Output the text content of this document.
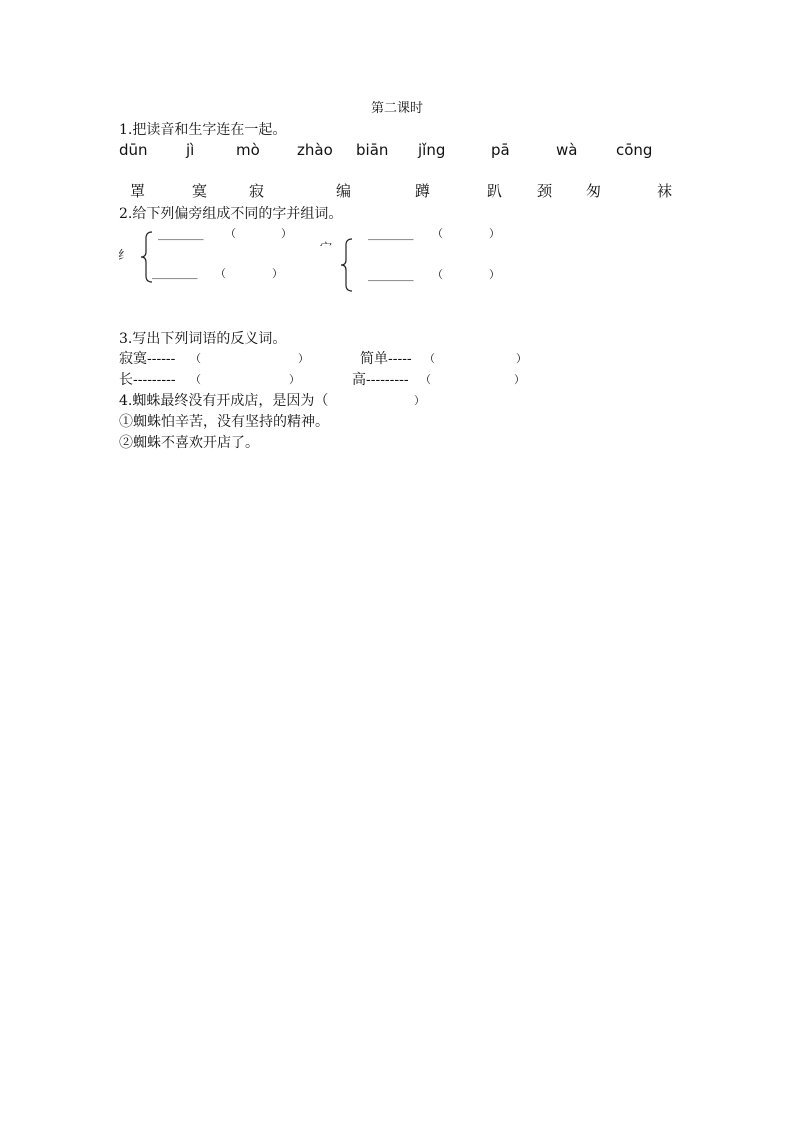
第二课时
1.把读音和生字连在一起。
dūn	jì	mò zhào biān jǐng	pā	wà	cōng
罩	寞	寂	编	蹲	趴 颈 匆	袜
2.给下列偏旁组成不同的字并组词。
纟
_______ （	）
_______ （	）
宀
_______ （	）
_______ （	）
3.写出下列词语的反义词。
寂寞------ （	）	简单----- （	）
长--------- （	）	高--------- （	）
4.蜘蛛最终没有开成店，是因为（	）
①蜘蛛怕辛苦，没有坚持的精神。
②蜘蛛不喜欢开店了。
